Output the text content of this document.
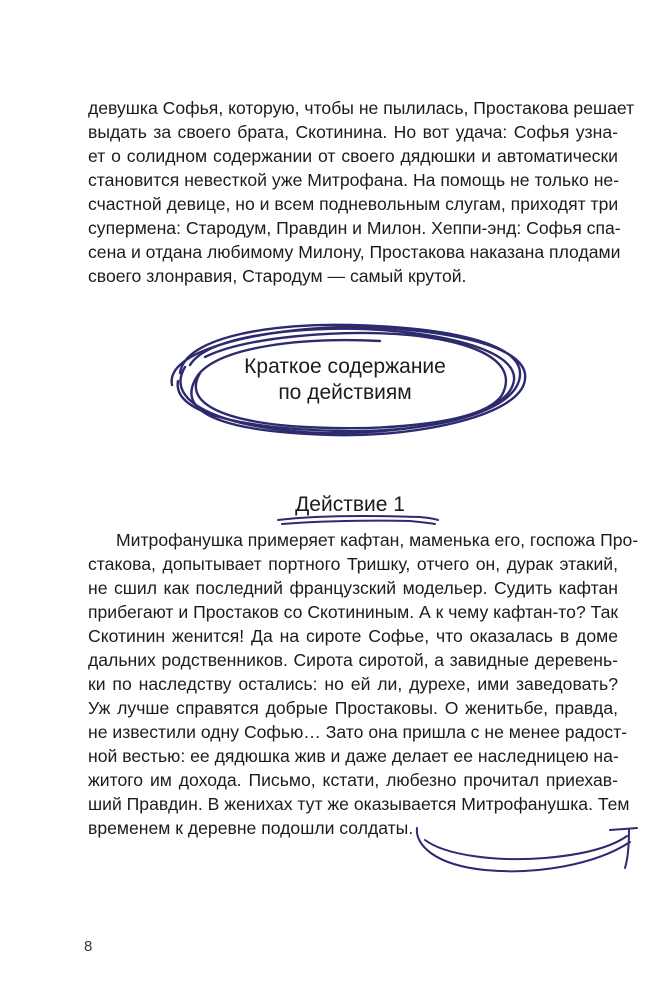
девушка Софья, которую, чтобы не пылилась, Простакова решает
выдать за своего брата, Скотинина. Но вот удача: Софья узна-
ет о солидном содержании от своего дядюшки и автоматически
становится невесткой уже Митрофана. На помощь не только не-
счастной девице, но и всем подневольным слугам, приходят три
супермена: Стародум, Правдин и Милон. Хеппи-энд: Софья спа-
сена и отдана любимому Милону, Простакова наказана плодами
своего злонравия, Стародум — самый крутой.
Краткое содержание
по действиям
Действие 1
Митрофанушка примеряет кафтан, маменька его, госпожа Про-
стакова, допытывает портного Тришку, отчего он, дурак этакий,
не сшил как последний французский модельер. Судить кафтан
прибегают и Простаков со Скотининым. А к чему кафтан-то? Так
Скотинин женится! Да на сироте Софье, что оказалась в доме
дальних родственников. Сирота сиротой, а завидные деревень-
ки по наследству остались: но ей ли, дурехе, ими заведовать?
Уж лучше справятся добрые Простаковы. О женитьбе, правда,
не известили одну Софью… Зато она пришла с не менее радост-
ной вестью: ее дядюшка жив и даже делает ее наследницею на-
житого им дохода. Письмо, кстати, любезно прочитал приехав-
ший Правдин. В женихах тут же оказывается Митрофанушка. Тем
временем к деревне подошли солдаты.
8
